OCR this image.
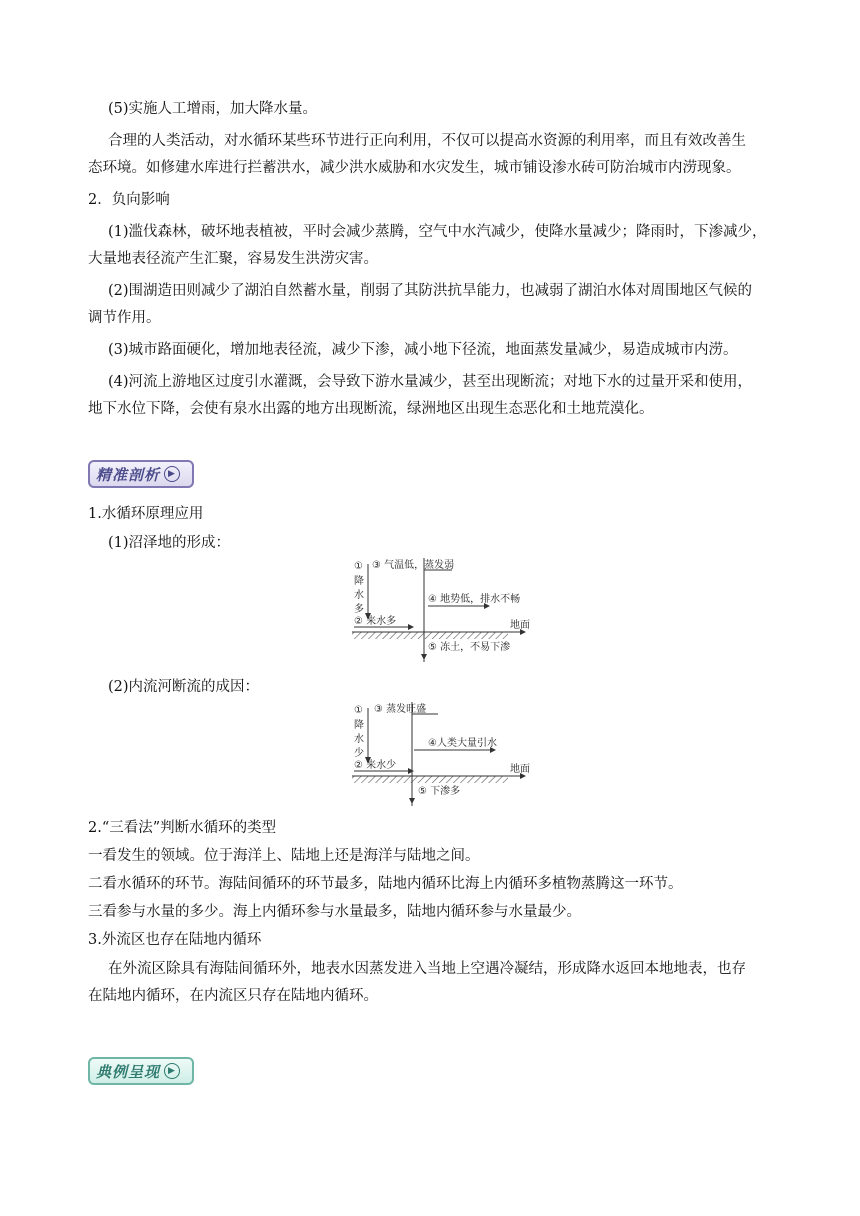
(5)实施人工增雨，加大降水量。
合理的人类活动，对水循环某些环节进行正向利用，不仅可以提高水资源的利用率，而且有效改善生
态环境。如修建水库进行拦蓄洪水，减少洪水威胁和水灾发生，城市铺设渗水砖可防治城市内涝现象。
2．负向影响
(1)滥伐森林，破坏地表植被，平时会减少蒸腾，空气中水汽减少，使降水量减少；降雨时，下渗减少，
大量地表径流产生汇聚，容易发生洪涝灾害。
(2)围湖造田则减少了湖泊自然蓄水量，削弱了其防洪抗旱能力，也减弱了湖泊水体对周围地区气候的
调节作用。
(3)城市路面硬化，增加地表径流，减少下渗，减小地下径流，地面蒸发量减少，易造成城市内涝。
(4)河流上游地区过度引水灌溉，会导致下游水量减少，甚至出现断流；对地下水的过量开采和使用，
地下水位下降，会使有泉水出露的地方出现断流，绿洲地区出现生态恶化和土地荒漠化。
精准剖析 ▶
1.水循环原理应用
(1)沼泽地的形成：
①
降
水
多
③ 气温低，蒸发弱
④ 地势低，排水不畅
② 来水多	地面
⑤ 冻土，不易下渗
(2)内流河断流的成因：
①
降
水
少
③ 蒸发旺盛
④人类大量引水
② 来水少	地面
⑤ 下渗多
2.“三看法”判断水循环的类型
一看发生的领域。位于海洋上、陆地上还是海洋与陆地之间。
二看水循环的环节。海陆间循环的环节最多，陆地内循环比海上内循环多植物蒸腾这一环节。
三看参与水量的多少。海上内循环参与水量最多，陆地内循环参与水量最少。
3.外流区也存在陆地内循环
在外流区除具有海陆间循环外，地表水因蒸发进入当地上空遇冷凝结，形成降水返回本地地表，也存
在陆地内循环，在内流区只存在陆地内循环。
典例呈现 ▶
